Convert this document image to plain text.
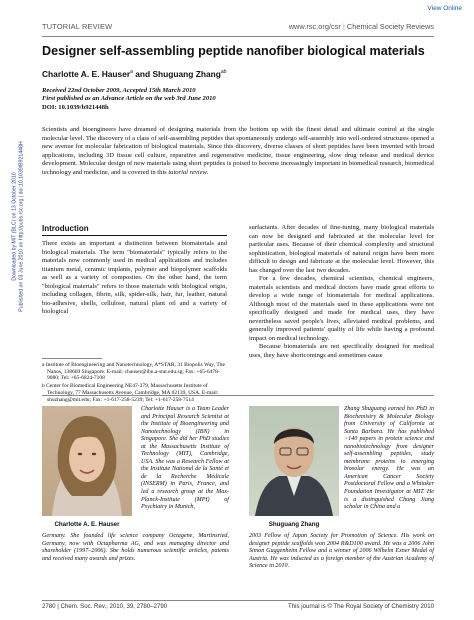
View Online
TUTORIAL REVIEW	www.rsc.org/csr | Chemical Society Reviews
Downloaded by MIT (BLC) on 13 October 2010 Published on 03 June 2010 on http://pubs.rsc.org | doi:10.1039/B921448H
Designer self-assembling peptide nanofiber biological materials
Charlotte A. E. Hauser$^a$ and Shuguang Zhang$^{ab}$
Received 22nd October 2009, Accepted 15th March 2010
First published as an Advance Article on the web 3rd June 2010
DOI: 10.1039/b921448h

Scientists and bioengineers have dreamed of designing materials from the bottom up with the finest detail and ultimate control at the single molecular level. The discovery of a class of self-assembling peptides that spontaneously undergo self-assembly into well-ordered structures opened a new avenue for molecular fabrication of biological materials. Since this discovery, diverse classes of short peptides have been invented with broad applications, including 3D tissue cell culture, reparative and regenerative medicine, tissue engineering, slow drug release and medical device development. Molecular design of new materials using short peptides is poised to become increasingly important in biomedical research, biomedical technology and medicine, and is covered in this tutorial review.

Introduction

There exists an important a distinction between biomaterials and biological materials. The term "biomaterials" typically refers to the materials now commonly used in medical applications and includes titanium metal, ceramic implants, polymer and biopolymer scaffolds as well as a variety of composites. On the other hand, the term "biological materials" refers to those materials with biological origin, including collagen, fibrin, silk, spider-silk, hair, fur, leather, natural bio-adhesive, shells, cellulose, natural plant oil and a variety of biological

surfactants. After decades of fine-tuning, many biological materials can now be designed and fabricated at the molecular level for particular uses. Because of their chemical complexity and structural sophistication, biological materials of natural origin have been more difficult to design and fabricate at the molecular level. However, this has changed over the last two decades.

For a few decades, chemical scientists, chemical engineers, materials scientists and medical doctors have made great efforts to develop a wide range of biomaterials for medical applications. Although most of the materials used in these applications were not specifically designed and made for medical uses, they have nevertheless saved people's lives, alleviated medical problems, and generally improved patients' quality of life while having a profound impact on medical technology.

Because biomaterials are not specifically designed for medical uses, they have shortcomings and sometimes cause

a Institute of Bioengineering and Nanotechnology, A*STAR, 31 Biopolis Way, The Nanos, 138669 Singapore. E-mail: chauser@ibn.a-star.edu.sg; Fax: +65-6478-9080; Tel: +65-6824-7108

b Center for Biomedical Engineering NE47-379, Massachusetts Institute of Technology, 77 Massachusetts Avenue, Cambridge, MA 02139, USA. E-mail: shuzhang@mit.edu; Fax: +1-617-258-5239; Tel: +1-617-258-7514

Charlotte A. E. Hauser

Charlotte Hauser is a Team Leader and Principal Research Scientist at the Institute of Bioengineering and Nanotechnology (IBN) in Singapore. She did her PhD studies at the Massachusetts Institute of Technology (MIT), Cambridge, USA. She was a Research Fellow at the Institute National de la Santé et de la Recherche Médicale (INSERM) in Paris, France, and led a research group at the Max-Planck-Institute (MPI) of Psychiatry in Munich,

Germany. She founded life science company Octagene, Martinsried, Germany, now with Octapharma AG, and was managing director and shareholder (1997–2006). She holds numerous scientific articles, patents and received many awards and prizes.

Shuguang Zhang

Zhang Shuguang earned his PhD in Biochemistry & Molecular Biology from University of California at Santa Barbara. He has published >140 papers in protein science and nanobiotechnology from designer self-assembling peptides, study membrane proteins to emerging biosolar energy. He was an American Cancer Society Postdoctoral Fellow and a Whitaker Foundation Investigator at MIT. He is a distinguished Chang Jiang scholar in China and a

2003 Fellow of Japan Society for Promotion of Science. His work on designer peptide scaffolds won 2004 R&D100 award. He was a 2006 John Simon Guggenheim Fellow and a winner of 2006 Wilhelm Exner Medal of Austria. He was inducted as a foreign member of the Austrian Academy of Science in 2010.

2780 | Chem. Soc. Rev., 2010, 39, 2780–2790	This journal is © The Royal Society of Chemistry 2010
